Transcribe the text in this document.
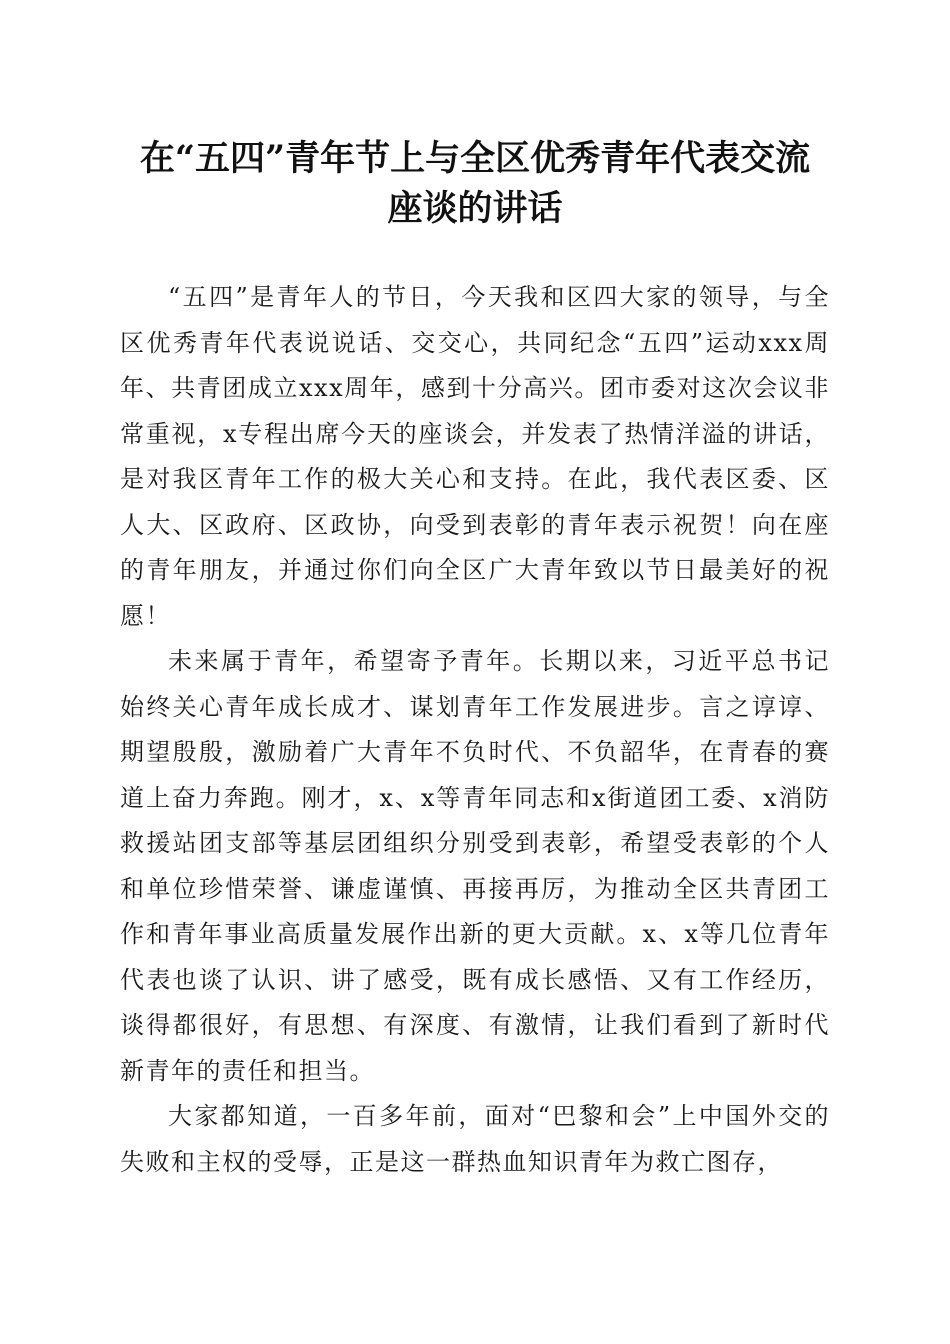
在“五四”青年节上与全区优秀青年代表交流
座谈的讲话

“五四”是青年人的节日，今天我和区四大家的领导，与全区优秀青年代表说说话、交交心，共同纪念“五四”运动xxx周年、共青团成立xxx周年，感到十分高兴。团市委对这次会议非常重视，x专程出席今天的座谈会，并发表了热情洋溢的讲话，是对我区青年工作的极大关心和支持。在此，我代表区委、区人大、区政府、区政协，向受到表彰的青年表示祝贺！向在座的青年朋友，并通过你们向全区广大青年致以节日最美好的祝愿！

未来属于青年，希望寄予青年。长期以来，习近平总书记始终关心青年成长成才、谋划青年工作发展进步。言之谆谆、期望殷殷，激励着广大青年不负时代、不负韶华，在青春的赛道上奋力奔跑。刚才，x、x等青年同志和x街道团工委、x消防救援站团支部等基层团组织分别受到表彰，希望受表彰的个人和单位珍惜荣誉、谦虚谨慎、再接再厉，为推动全区共青团工作和青年事业高质量发展作出新的更大贡献。x、x等几位青年代表也谈了认识、讲了感受，既有成长感悟、又有工作经历，谈得都很好，有思想、有深度、有激情，让我们看到了新时代新青年的责任和担当。

大家都知道，一百多年前，面对“巴黎和会”上中国外交的失败和主权的受辱，正是这一群热血知识青年为救亡图存，
